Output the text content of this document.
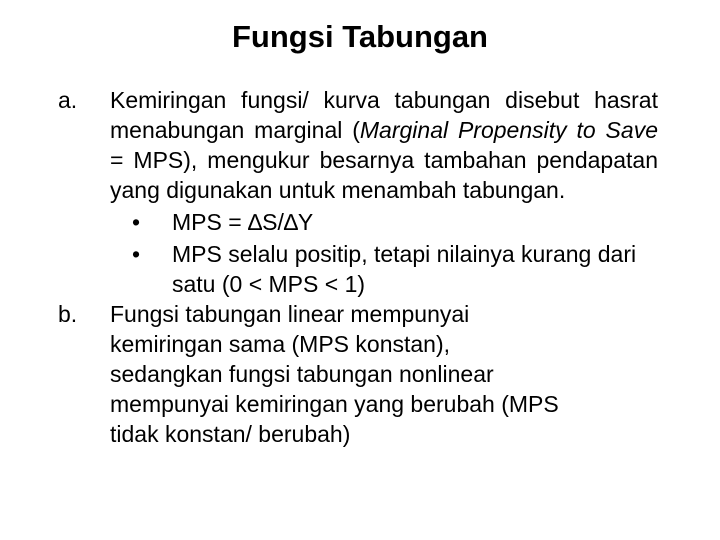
Fungsi Tabungan
a. Kemiringan fungsi/ kurva tabungan disebut hasrat menabungan marginal (Marginal Propensity to Save = MPS), mengukur besarnya tambahan pendapatan yang digunakan untuk menambah tabungan.
• MPS = ∆S/∆Y
• MPS selalu positip, tetapi nilainya kurang dari satu (0 < MPS < 1)
b. Fungsi tabungan linear mempunyai
kemiringan sama (MPS konstan),
sedangkan fungsi tabungan nonlinear
mempunyai kemiringan yang berubah (MPS
tidak konstan/ berubah)
